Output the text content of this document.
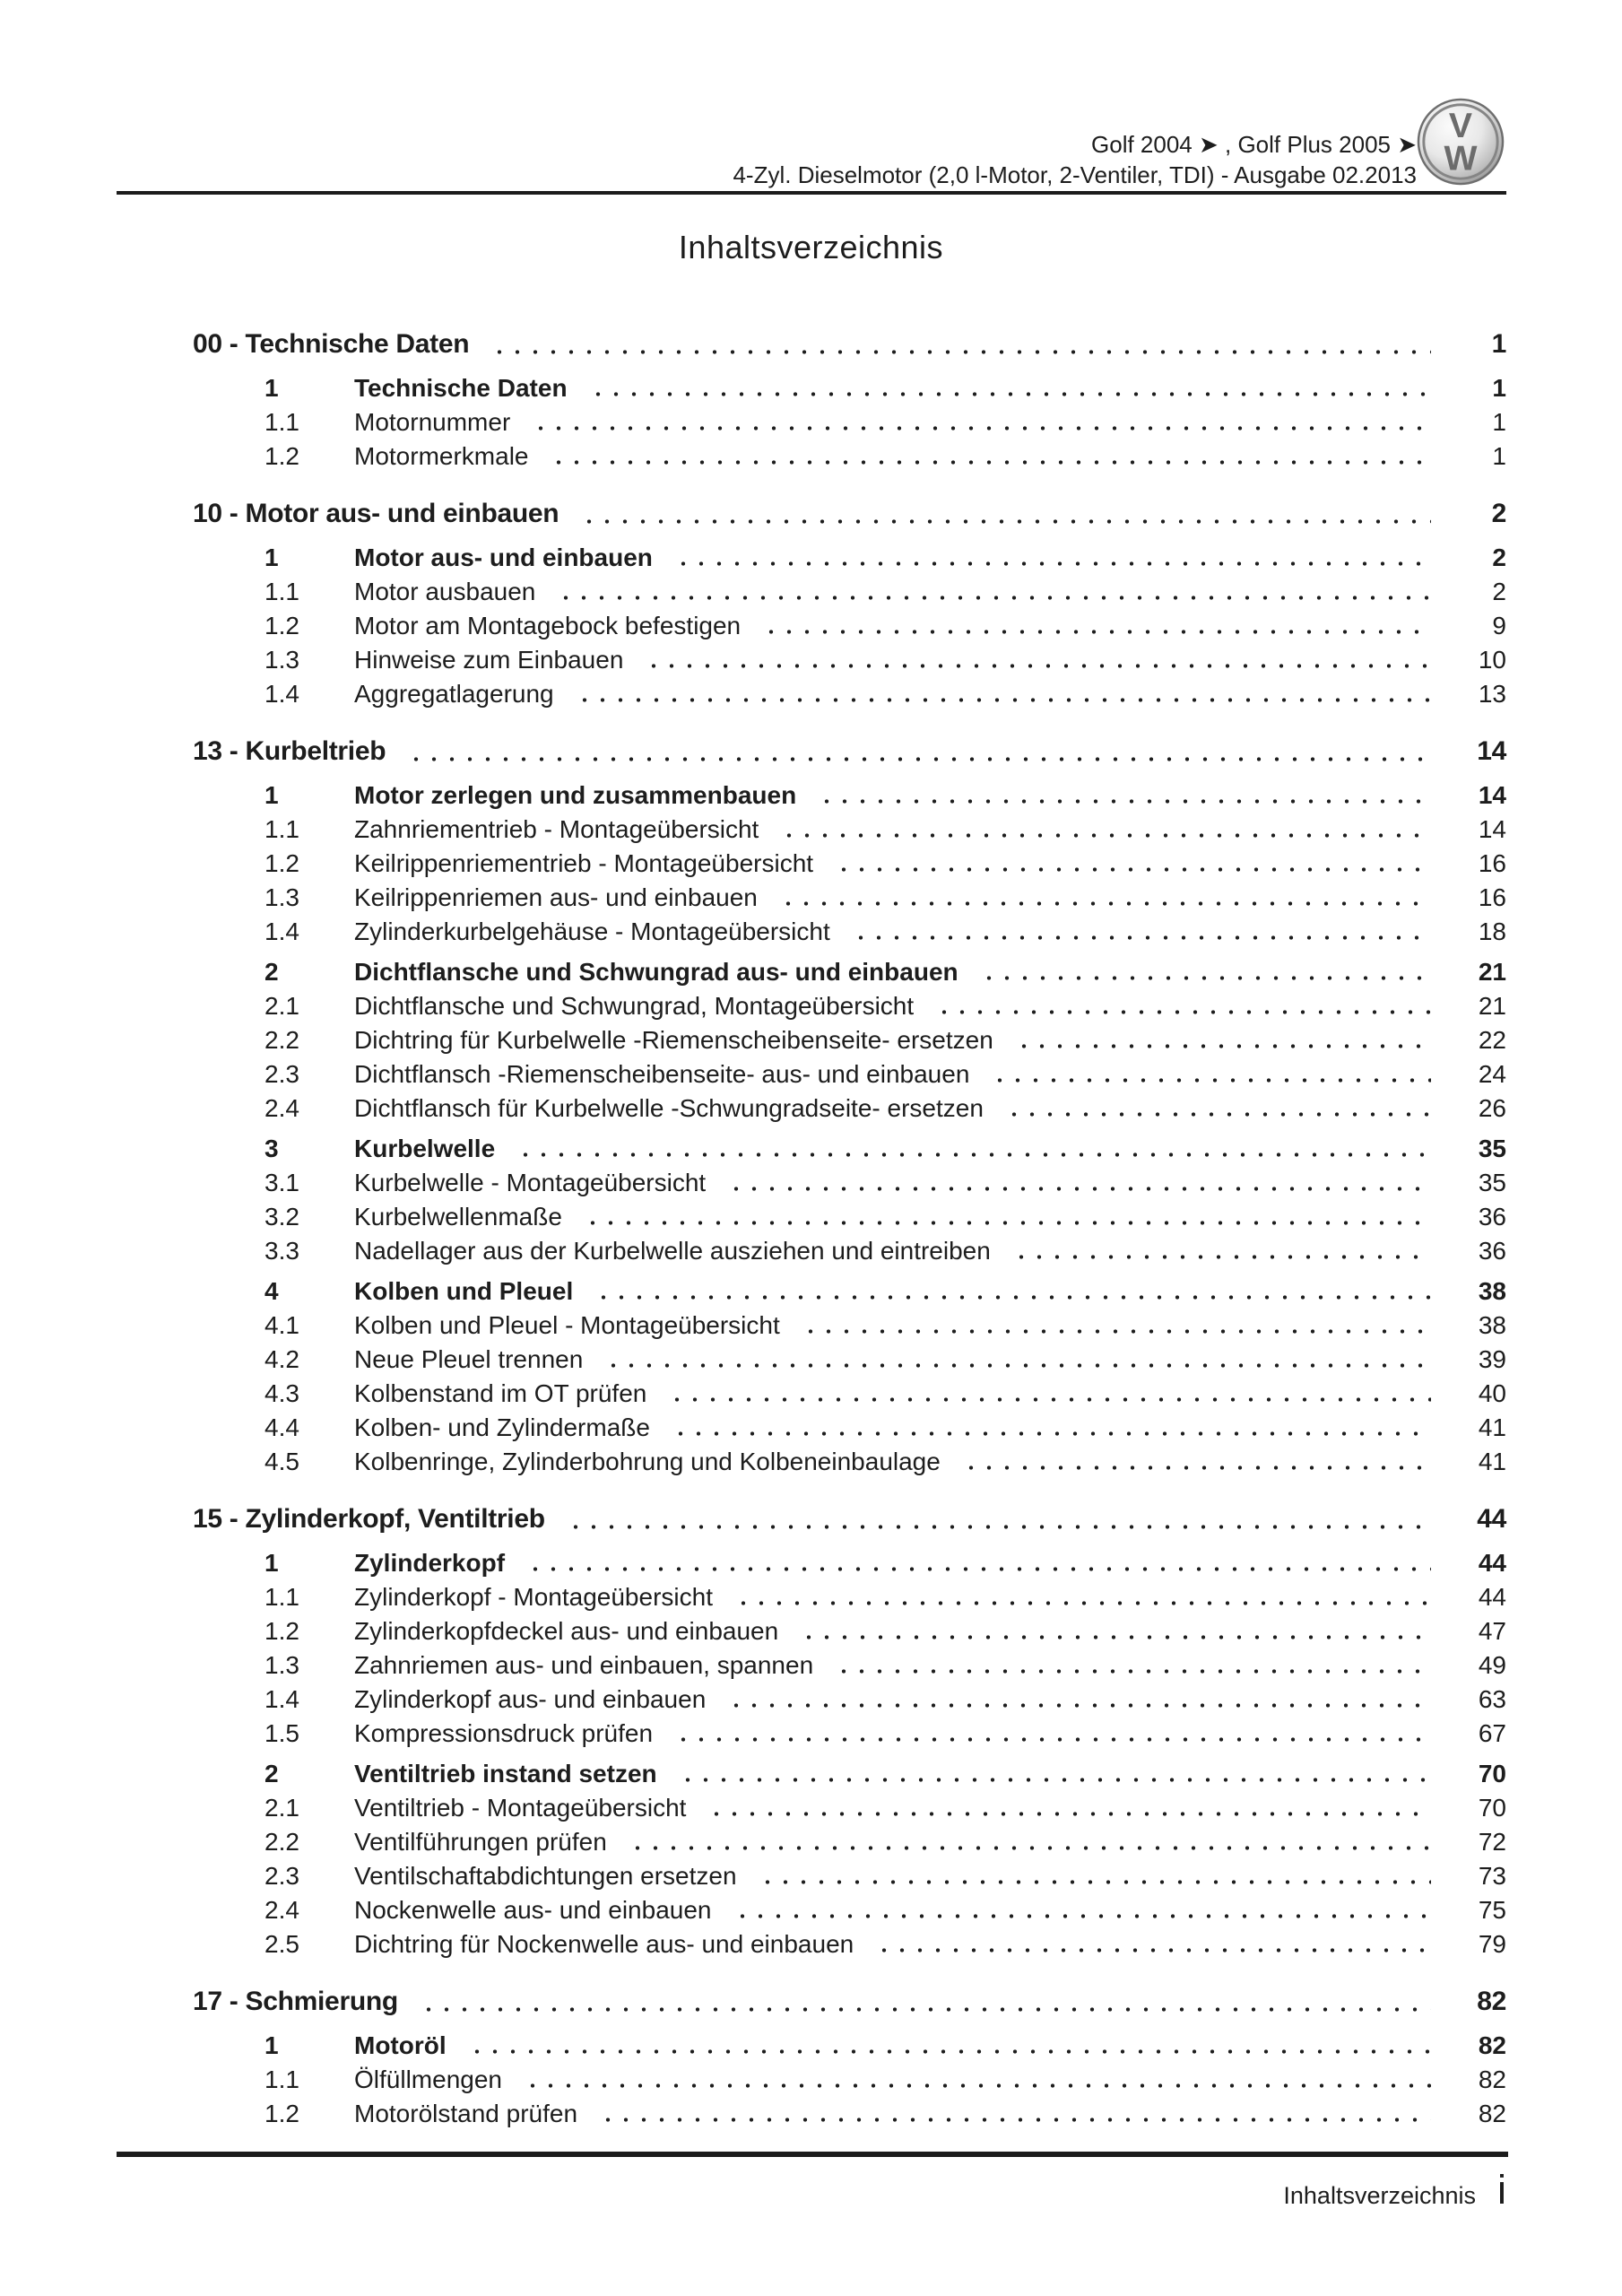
Golf 2004 ➤ , Golf Plus 2005 ➤
4-Zyl. Dieselmotor (2,0 l-Motor, 2-Ventiler, TDI) - Ausgabe 02.2013
V
W
Inhaltsverzeichnis
00 - Technische Daten	1
1	Technische Daten	1
1.1	Motornummer	1
1.2	Motormerkmale	1
10 - Motor aus- und einbauen	2
1	Motor aus- und einbauen	2
1.1	Motor ausbauen	2
1.2	Motor am Montagebock befestigen	9
1.3	Hinweise zum Einbauen	10
1.4	Aggregatlagerung	13
13 - Kurbeltrieb	14
1	Motor zerlegen und zusammenbauen	14
1.1	Zahnriementrieb - Montageübersicht	14
1.2	Keilrippenriementrieb - Montageübersicht	16
1.3	Keilrippenriemen aus- und einbauen	16
1.4	Zylinderkurbelgehäuse - Montageübersicht	18
2	Dichtflansche und Schwungrad aus- und einbauen	21
2.1	Dichtflansche und Schwungrad, Montageübersicht	21
2.2	Dichtring für Kurbelwelle -Riemenscheibenseite- ersetzen	22
2.3	Dichtflansch -Riemenscheibenseite- aus- und einbauen	24
2.4	Dichtflansch für Kurbelwelle -Schwungradseite- ersetzen	26
3	Kurbelwelle	35
3.1	Kurbelwelle - Montageübersicht	35
3.2	Kurbelwellenmaße	36
3.3	Nadellager aus der Kurbelwelle ausziehen und eintreiben	36
4	Kolben und Pleuel	38
4.1	Kolben und Pleuel - Montageübersicht	38
4.2	Neue Pleuel trennen	39
4.3	Kolbenstand im OT prüfen	40
4.4	Kolben- und Zylindermaße	41
4.5	Kolbenringe, Zylinderbohrung und Kolbeneinbaulage	41
15 - Zylinderkopf, Ventiltrieb	44
1	Zylinderkopf	44
1.1	Zylinderkopf - Montageübersicht	44
1.2	Zylinderkopfdeckel aus- und einbauen	47
1.3	Zahnriemen aus- und einbauen, spannen	49
1.4	Zylinderkopf aus- und einbauen	63
1.5	Kompressionsdruck prüfen	67
2	Ventiltrieb instand setzen	70
2.1	Ventiltrieb - Montageübersicht	70
2.2	Ventilführungen prüfen	72
2.3	Ventilschaftabdichtungen ersetzen	73
2.4	Nockenwelle aus- und einbauen	75
2.5	Dichtring für Nockenwelle aus- und einbauen	79
17 - Schmierung	82
1	Motoröl	82
1.1	Ölfüllmengen	82
1.2	Motorölstand prüfen	82
Inhaltsverzeichnis i
